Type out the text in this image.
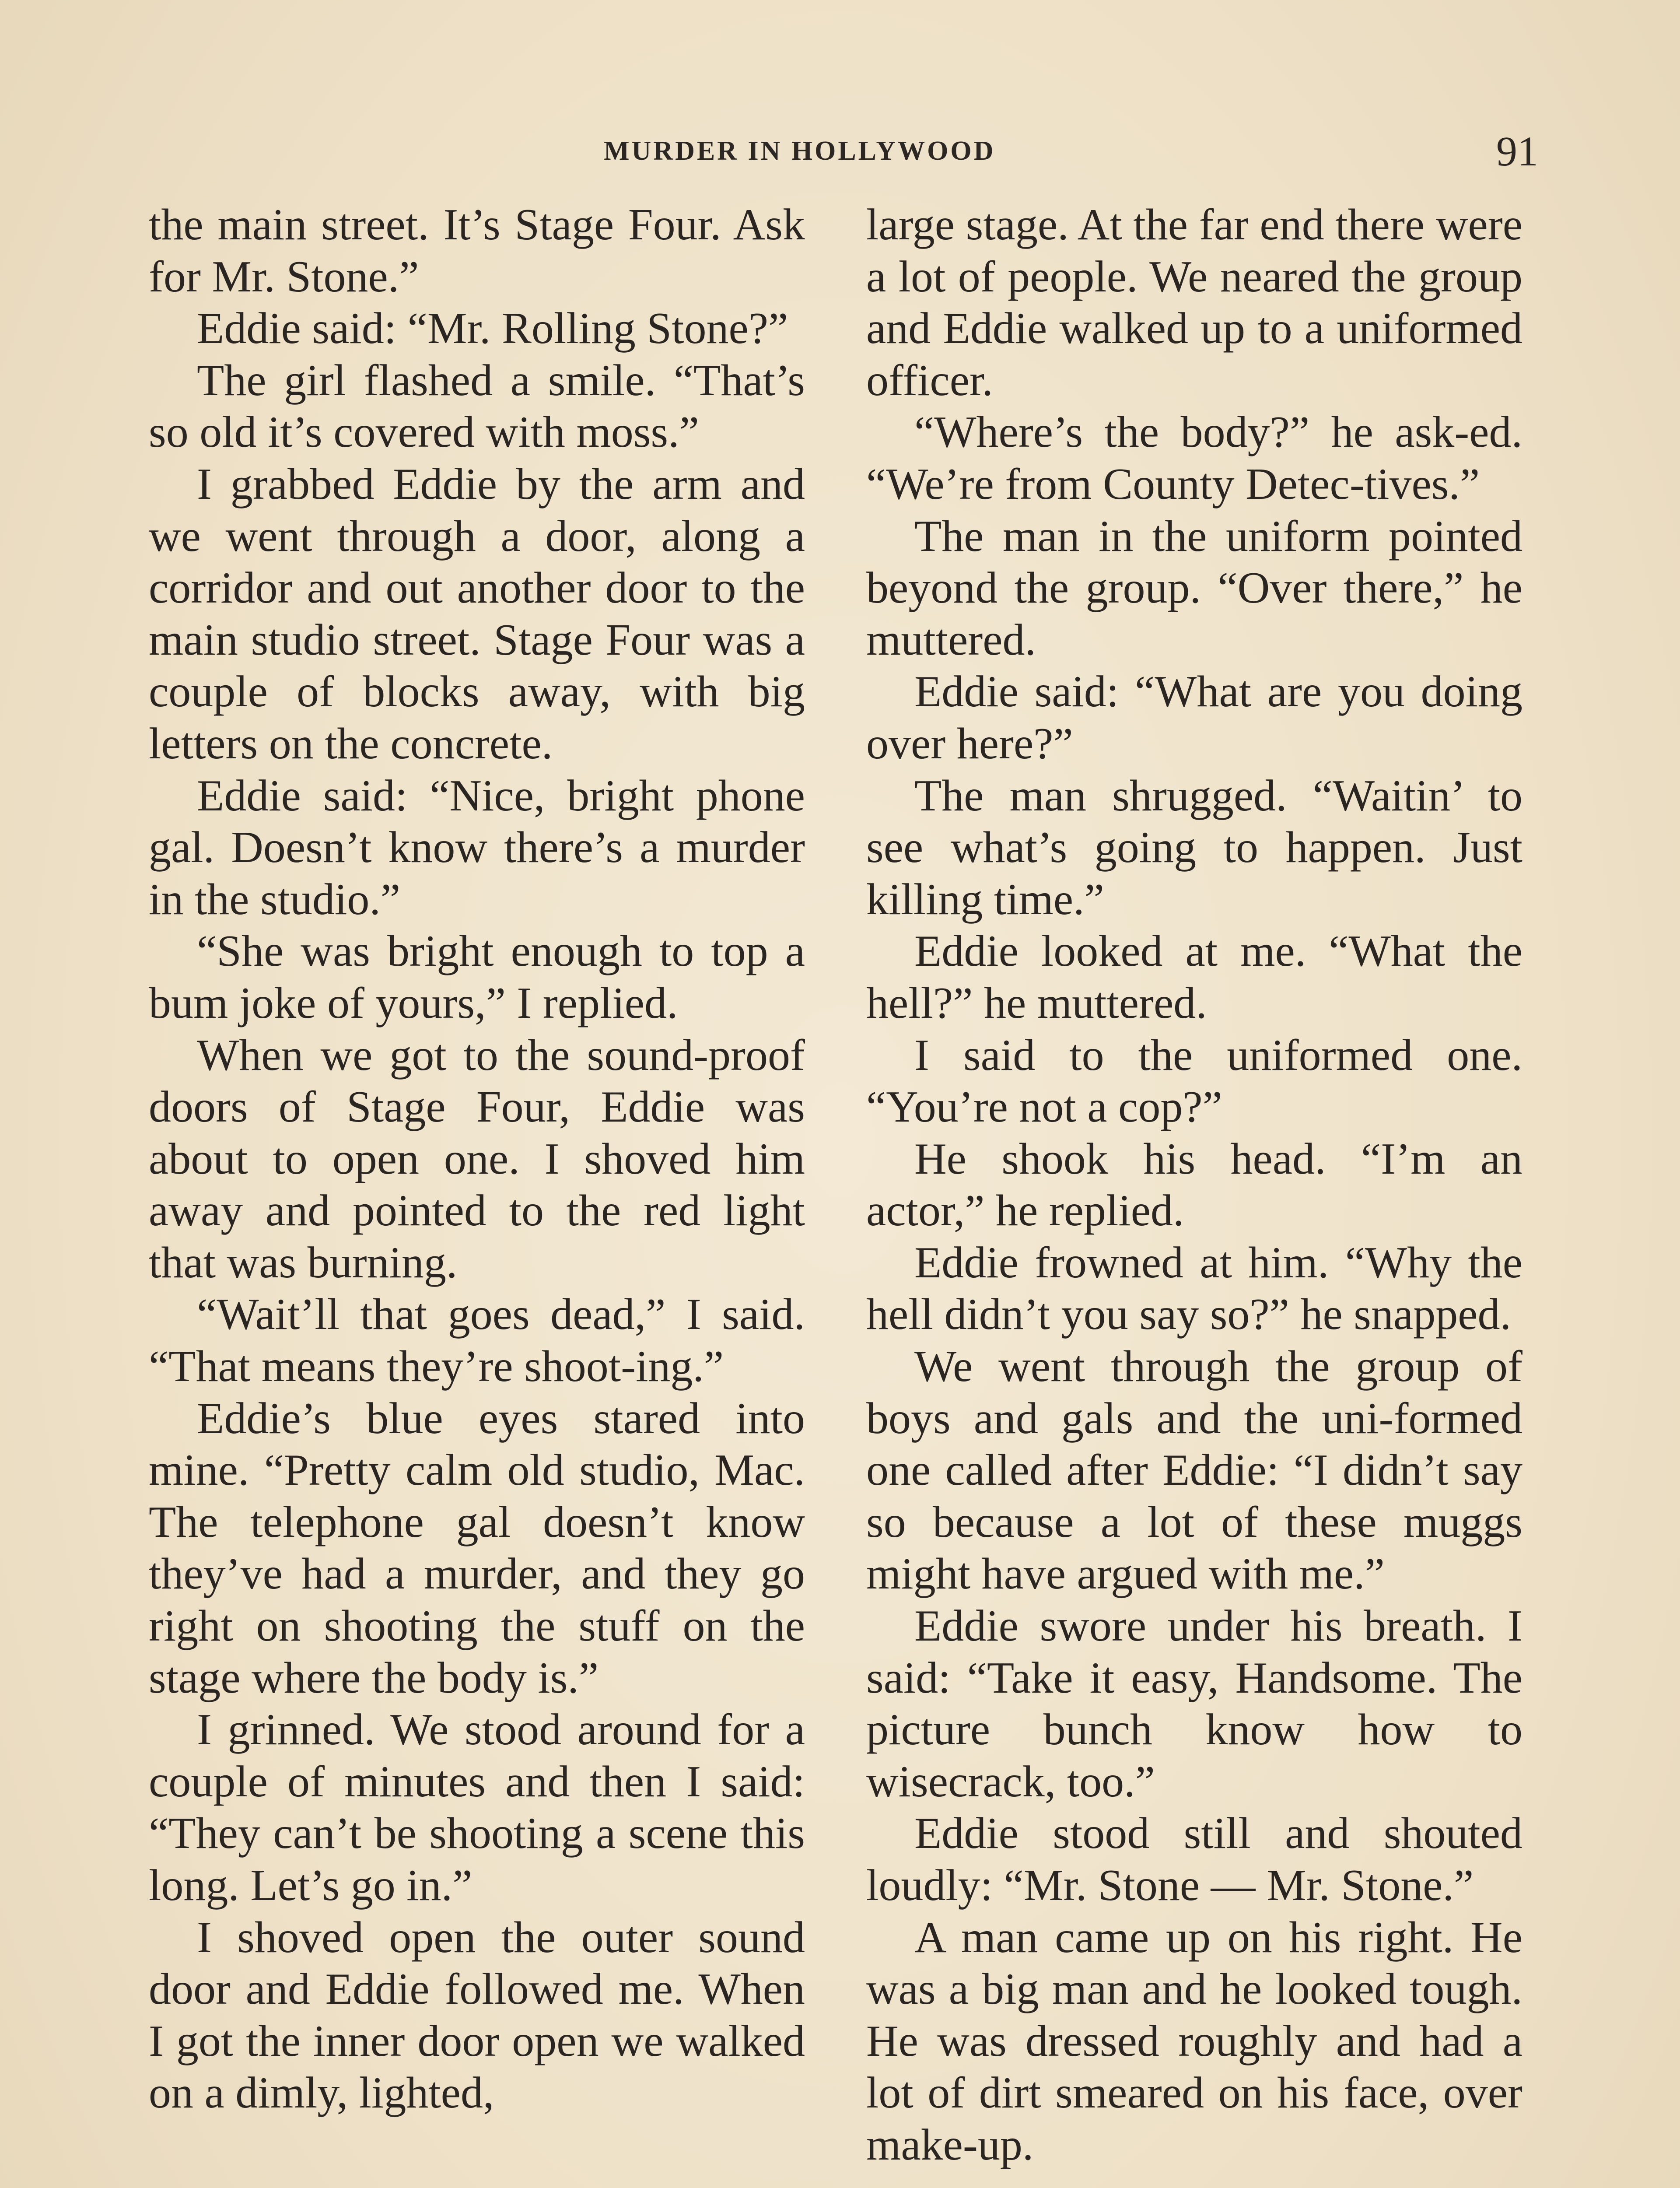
MURDER IN HOLLYWOOD	91

the main street. It’s Stage Four. Ask for Mr. Stone.”

Eddie said: “Mr. Rolling Stone?”

The girl flashed a smile. “That’s so old it’s covered with moss.”

I grabbed Eddie by the arm and we went through a door, along a corridor and out another door to the main studio street. Stage Four was a couple of blocks away, with big letters on the concrete.

Eddie said: “Nice, bright phone gal. Doesn’t know there’s a murder in the studio.”

“She was bright enough to top a bum joke of yours,” I replied.

When we got to the sound-proof doors of Stage Four, Eddie was about to open one. I shoved him away and pointed to the red light that was burning.

“Wait’ll that goes dead,” I said. “That means they’re shoot-ing.”

Eddie’s blue eyes stared into mine. “Pretty calm old studio, Mac. The telephone gal doesn’t know they’ve had a murder, and they go right on shooting the stuff on the stage where the body is.”

I grinned. We stood around for a couple of minutes and then I said: “They can’t be shooting a scene this long. Let’s go in.”

I shoved open the outer sound door and Eddie followed me. When I got the inner door open we walked on a dimly, lighted,

large stage. At the far end there were a lot of people. We neared the group and Eddie walked up to a uniformed officer.

“Where’s the body?” he ask-ed. “We’re from County Detec-tives.”

The man in the uniform pointed beyond the group. “Over there,” he muttered.

Eddie said: “What are you doing over here?”

The man shrugged. “Waitin’ to see what’s going to happen. Just killing time.”

Eddie looked at me. “What the hell?” he muttered.

I said to the uniformed one. “You’re not a cop?”

He shook his head. “I’m an actor,” he replied.

Eddie frowned at him. “Why the hell didn’t you say so?” he snapped.

We went through the group of boys and gals and the uni-formed one called after Eddie: “I didn’t say so because a lot of these muggs might have argued with me.”

Eddie swore under his breath. I said: “Take it easy, Handsome. The picture bunch know how to wisecrack, too.”

Eddie stood still and shouted loudly: “Mr. Stone — Mr. Stone.”

A man came up on his right. He was a big man and he looked tough. He was dressed roughly and had a lot of dirt smeared on his face, over make-up.
